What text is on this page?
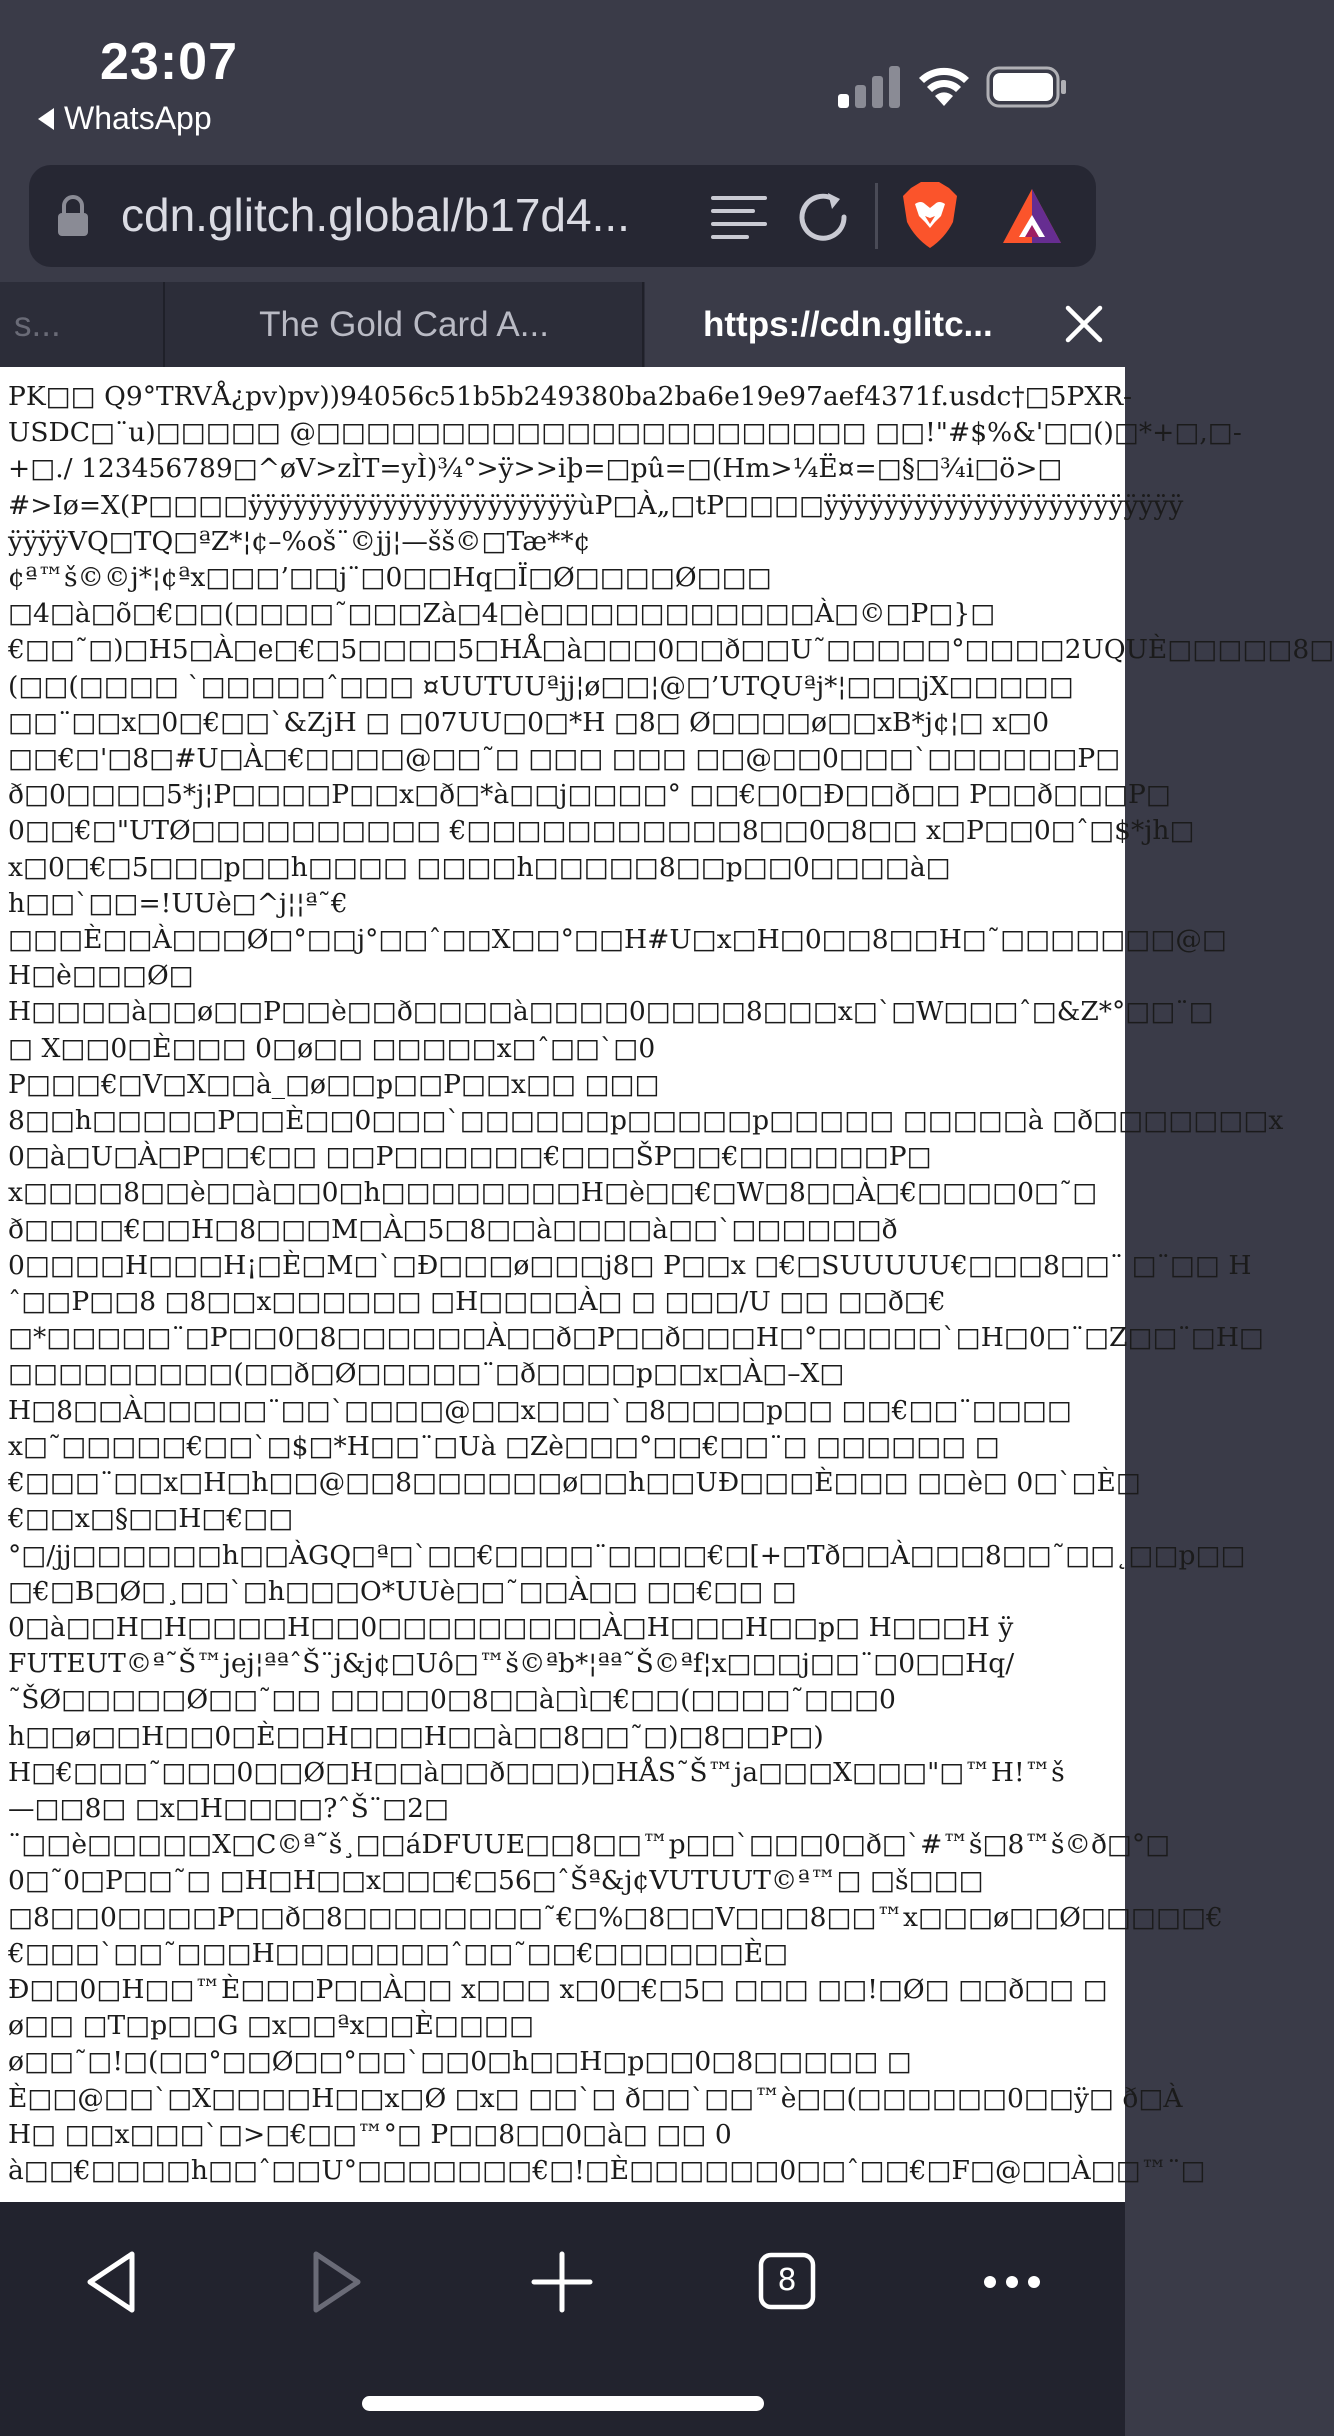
23:07
WhatsApp
cdn.glitch.global/b17d4...
s...	The Gold Card A...	https://cdn.glitc...
PK□□ Q9°TRVÅ¿pv)pv))94056c51b5b249380ba2ba6e19e97aef4371f.usdc†□5PXR-
USDC□¨u)□□□□□ @□□□□□□□□□□□□□□□□□□□□□□ □□!"#$%&'□□()□*+□,□-
+□./ 123456789□^øV>zÌT=yÌ)¾°>ÿ>>iþ=□pû=□(Hm>¼Ë¤=□§□¾i□ö>□
#>Iø=X(P□□□□ÿÿÿÿÿÿÿÿÿÿÿÿÿÿÿÿÿÿÿÿÿÿùP□À„□tP□□□□ÿÿÿÿÿÿÿÿÿÿÿÿÿÿÿÿÿÿÿÿÿÿÿÿ
ÿÿÿÿVQ□TQ□ªZ*¦¢–%oš¨©jj¦—šš©□Tæ**¢
¢ª™š©©j*¦¢ªx□□□’□□j¨□0□□Hq□Ï□Ø□□□□Ø□□□
□4□à□õ□€□□(□□□□˜□□□Zà□4□è□□□□□□□□□□□À□©□P□}□
€□□˜□)□H5□À□e□€□5□□□□5□HÅ□à□□□0□□ð□□U˜□□□□□°□□□□2UQUÈ□□□□□8□
(□□(□□□□ `□□□□□ˆ□□□ ¤UUTUUªjj¦ø□□¦@□’UTQUªj*¦□□□jX□□□□□
□□¨□□x□0□€□□`&ZjH □ □07UU□0□*H □8□ Ø□□□□ø□□xB*j¢¦□ x□0
□□€□'□8□#U□À□€□□□□@□□˜□ □□□ □□□ □□@□□0□□□`□□□□□□P□
ð□0□□□□5*j¦P□□□□P□□x□ð□*à□□j□□□□° □□€□0□Ð□□ð□□ P□□ð□□□P□
0□□€□"UTØ□□□□□□□□□□ €□□□□□□□□□□□8□□0□8□□ x□P□□0□ˆ□$*jh□
x□0□€□5□□□p□□h□□□□ □□□□h□□□□□8□□p□□0□□□□à□
h□□`□□=!UUè□^j¦¦ª˜€
□□□È□□À□□□Ø□°□□j°□□ˆ□□X□□°□□H#U□x□H□0□□8□□H□˜□□□□□□□@□
H□è□□□Ø□
H□□□□à□□ø□□P□□è□□ð□□□□à□□□□0□□□□8□□□x□`□W□□□ˆ□&Z*°□□¨□
□ X□□0□È□□□ 0□ø□□ □□□□□x□ˆ□□`□0
P□□□€□V□X□□à_□ø□□p□□P□□x□□ □□□
8□□h□□□□□P□□È□□0□□□`□□□□□□p□□□□□p□□□□□ □□□□□à □ð□□□□□□□x
0□à□U□À□P□□€□□ □□P□□□□□□€□□□ŠP□□€□□□□□□P□
x□□□□8□□è□□à□□0□h□□□□□□□□H□è□□€□W□8□□À□€□□□□0□˜□
ð□□□□€□□H□8□□□M□À□5□8□□à□□□□à□□`□□□□□□ð
0□□□□H□□□H¡□È□M□`□Ð□□□ø□□□j8□ P□□x □€□SUUUUU€□□□8□□¨ □¨□□ H
ˆ□□P□□8 □8□□x□□□□□□ □H□□□□À□ □ □□□/U □□ □□ð□€
□*□□□□□¨□P□□0□8□□□□□□À□□ð□P□□ð□□□H□°□□□□□`□H□0□¨□Z□□¨□H□
□□□□□□□□□(□□ð□Ø□□□□□¨□ð□□□□p□□x□À□–X□
H□8□□À□□□□□¨□□`□□□□@□□x□□□`□8□□□□p□□ □□€□□¨□□□□
x□˜□□□□□€□□`□$□*H□□¨□Uà □Zè□□□°□□€□□¨□ □□□□□□ □
€□□□¨□□x□H□h□□@□□8□□□□□□ø□□h□□UÐ□□□È□□□ □□è□ 0□`□È□
€□□x□§□□H□€□□
°□/jj□□□□□□h□□ÀGQ□ª□`□□€□□□□¨□□□□€□[+□Tð□□À□□□8□□˜□□˛□□p□□
□€□B□Ø□¸□□`□h□□□O*UUè□□˜□□À□□ □□€□□ □
0□à□□H□H□□□□H□□0□□□□□□□□□À□H□□□H□□p□ H□□□H ÿ
FUTEUT©ª˜Š™jej¦ªªˆŠ¨j&j¢□Uô□™š©ªb*¦ªª˜Š©ªf¦x□□□j□□¨□0□□Hq/
˜ŠØ□□□□□Ø□□˜□□ □□□□0□8□□à□ì□€□□(□□□□˜□□□0
h□□ø□□H□□0□È□□H□□□H□□à□□8□□˜□)□8□□P□)
H□€□□□˜□□□0□□Ø□H□□à□□ð□□□)□HÅS˜Š™ja□□□X□□□"□™H!™š
—□□8□ □x□H□□□□?ˆŠ¨□2□
¨□□è□□□□□X□C©ª˜š¸□□áDFUUE□□8□□™p□□`□□□0□ð□`#™š□8™š©ð□°□
0□˜0□P□□˜□ □H□H□□x□□□€□56□ˆŠª&j¢VUTUUT©ª™□ □š□□□
□8□□0□□□□P□□ð□8□□□□□□□□˜€□%□8□□V□□□8□□™x□□□ø□□Ø□□□□□€
€□□□`□□˜□□□H□□□□□□□ˆ□□˜□□€□□□□□□È□
Ð□□0□H□□™È□□□P□□À□□ x□□□ x□0□€□5□ □□□ □□!□Ø□ □□ð□□ □
ø□□ □T□p□□G □x□□ªx□□È□□□□
ø□□˜□!□(□□°□□Ø□□°□□`□□0□h□□H□p□□0□8□□□□□ □
È□□@□□`□X□□□□H□□x□Ø □x□ □□`□ ð□□`□□™è□□(□□□□□□0□□ÿ□ ð□À
H□ □□x□□□`□>□€□□™°□ P□□8□□0□à□ □□ 0
à□□€□□□□h□□ˆ□□U°□□□□□□□€□!□È□□□□□□0□□ˆ□□€□F□@□□À□□™¨□
8
